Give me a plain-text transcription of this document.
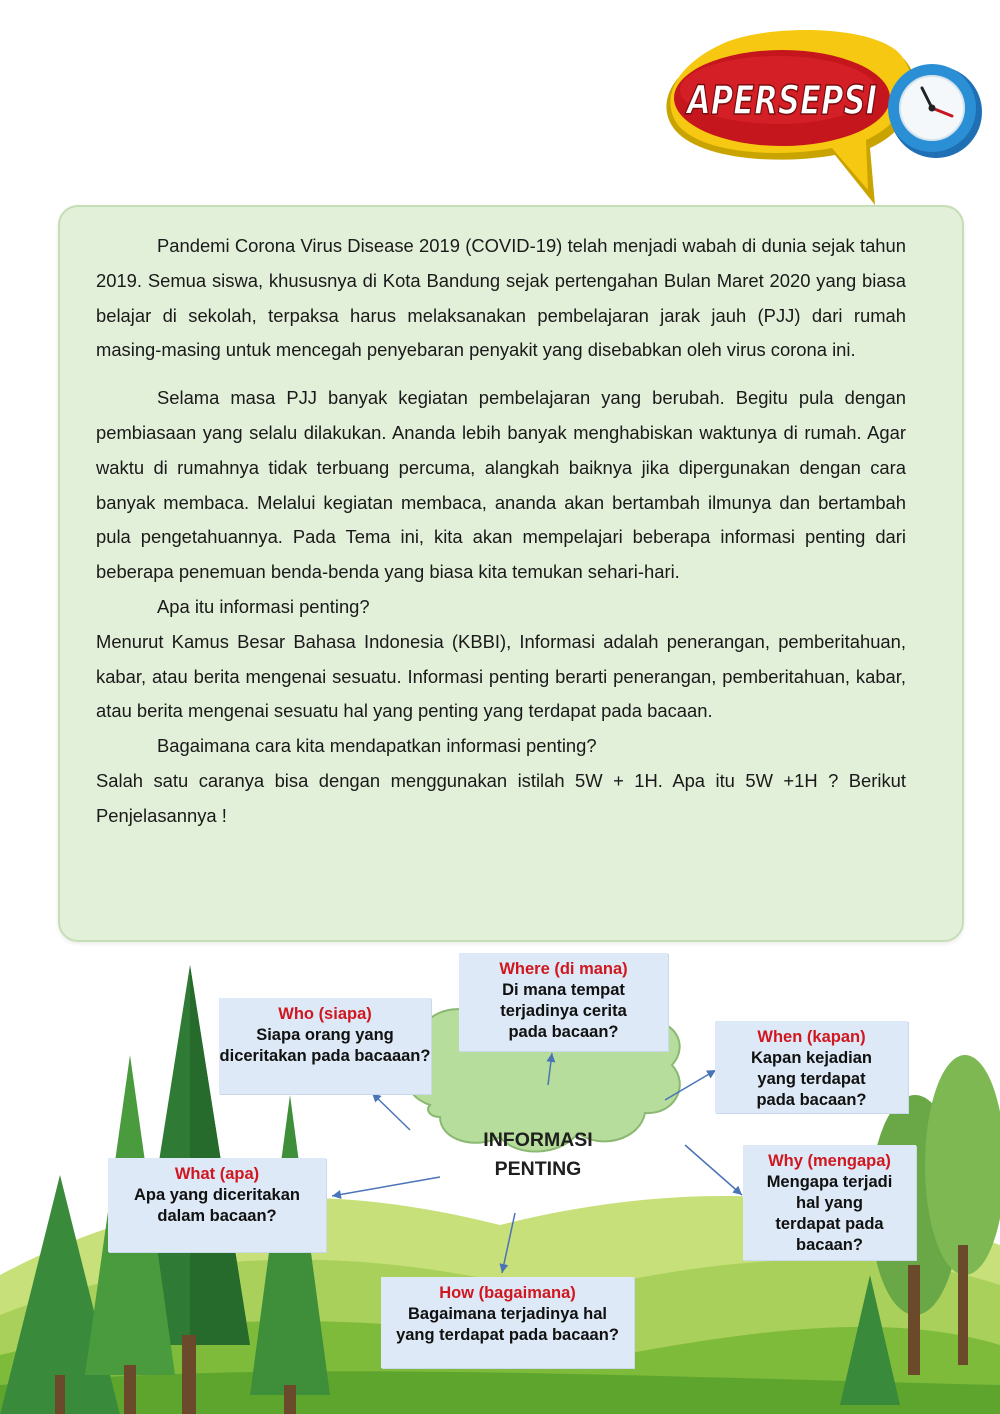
APERSEPSI

Pandemi Corona Virus Disease 2019 (COVID-19) telah menjadi wabah di dunia sejak tahun 2019. Semua siswa, khususnya di Kota Bandung sejak pertengahan Bulan Maret 2020 yang biasa belajar di sekolah, terpaksa harus melaksanakan pembelajaran jarak jauh (PJJ) dari rumah masing-masing untuk mencegah penyebaran penyakit yang disebabkan oleh virus corona ini.

Selama masa PJJ banyak kegiatan pembelajaran yang berubah. Begitu pula dengan pembiasaan yang selalu dilakukan. Ananda lebih banyak menghabiskan waktunya di rumah. Agar waktu di rumahnya tidak terbuang percuma, alangkah baiknya jika dipergunakan dengan cara banyak membaca. Melalui kegiatan membaca, ananda akan bertambah ilmunya dan bertambah pula pengetahuannya. Pada Tema ini, kita akan mempelajari beberapa informasi penting dari beberapa penemuan benda-benda yang biasa kita temukan sehari-hari.

Apa itu informasi penting?

Menurut Kamus Besar Bahasa Indonesia (KBBI), Informasi adalah penerangan, pemberitahuan, kabar, atau berita mengenai sesuatu. Informasi penting berarti penerangan, pemberitahuan, kabar, atau berita mengenai sesuatu hal yang penting yang terdapat pada bacaan.

Bagaimana cara kita mendapatkan informasi penting?

Salah satu caranya bisa dengan menggunakan istilah 5W + 1H. Apa itu 5W +1H ? Berikut Penjelasannya !

INFORMASI PENTING
Who (siapa)
Siapa orang yang diceritakan pada bacaaan?
Where (di mana)
Di mana tempat terjadinya cerita pada bacaan?	When (kapan)
Kapan kejadian yang terdapat pada bacaan?
What (apa)
Apa yang diceritakan dalam bacaan?
Why (mengapa)
Mengapa terjadi hal yang terdapat pada bacaan?
How (bagaimana)
Bagaimana terjadinya hal yang terdapat pada bacaan?
